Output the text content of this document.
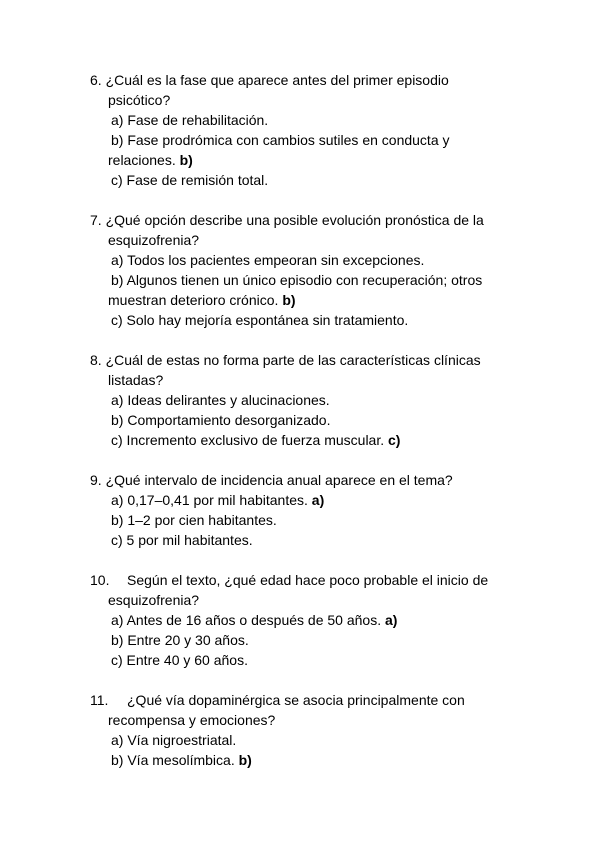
6. ¿Cuál es la fase que aparece antes del primer episodio
psicótico?
a) Fase de rehabilitación.
b) Fase prodrómica con cambios sutiles en conducta y
relaciones. b)
c) Fase de remisión total.
7. ¿Qué opción describe una posible evolución pronóstica de la
esquizofrenia?
a) Todos los pacientes empeoran sin excepciones.
b) Algunos tienen un único episodio con recuperación; otros
muestran deterioro crónico. b)
c) Solo hay mejoría espontánea sin tratamiento.
8. ¿Cuál de estas no forma parte de las características clínicas
listadas?
a) Ideas delirantes y alucinaciones.
b) Comportamiento desorganizado.
c) Incremento exclusivo de fuerza muscular. c)
9. ¿Qué intervalo de incidencia anual aparece en el tema?
a) 0,17–0,41 por mil habitantes. a)
b) 1–2 por cien habitantes.
c) 5 por mil habitantes.
10. Según el texto, ¿qué edad hace poco probable el inicio de
esquizofrenia?
a) Antes de 16 años o después de 50 años. a)
b) Entre 20 y 30 años.
c) Entre 40 y 60 años.
11. ¿Qué vía dopaminérgica se asocia principalmente con
recompensa y emociones?
a) Vía nigroestriatal.
b) Vía mesolímbica. b)
